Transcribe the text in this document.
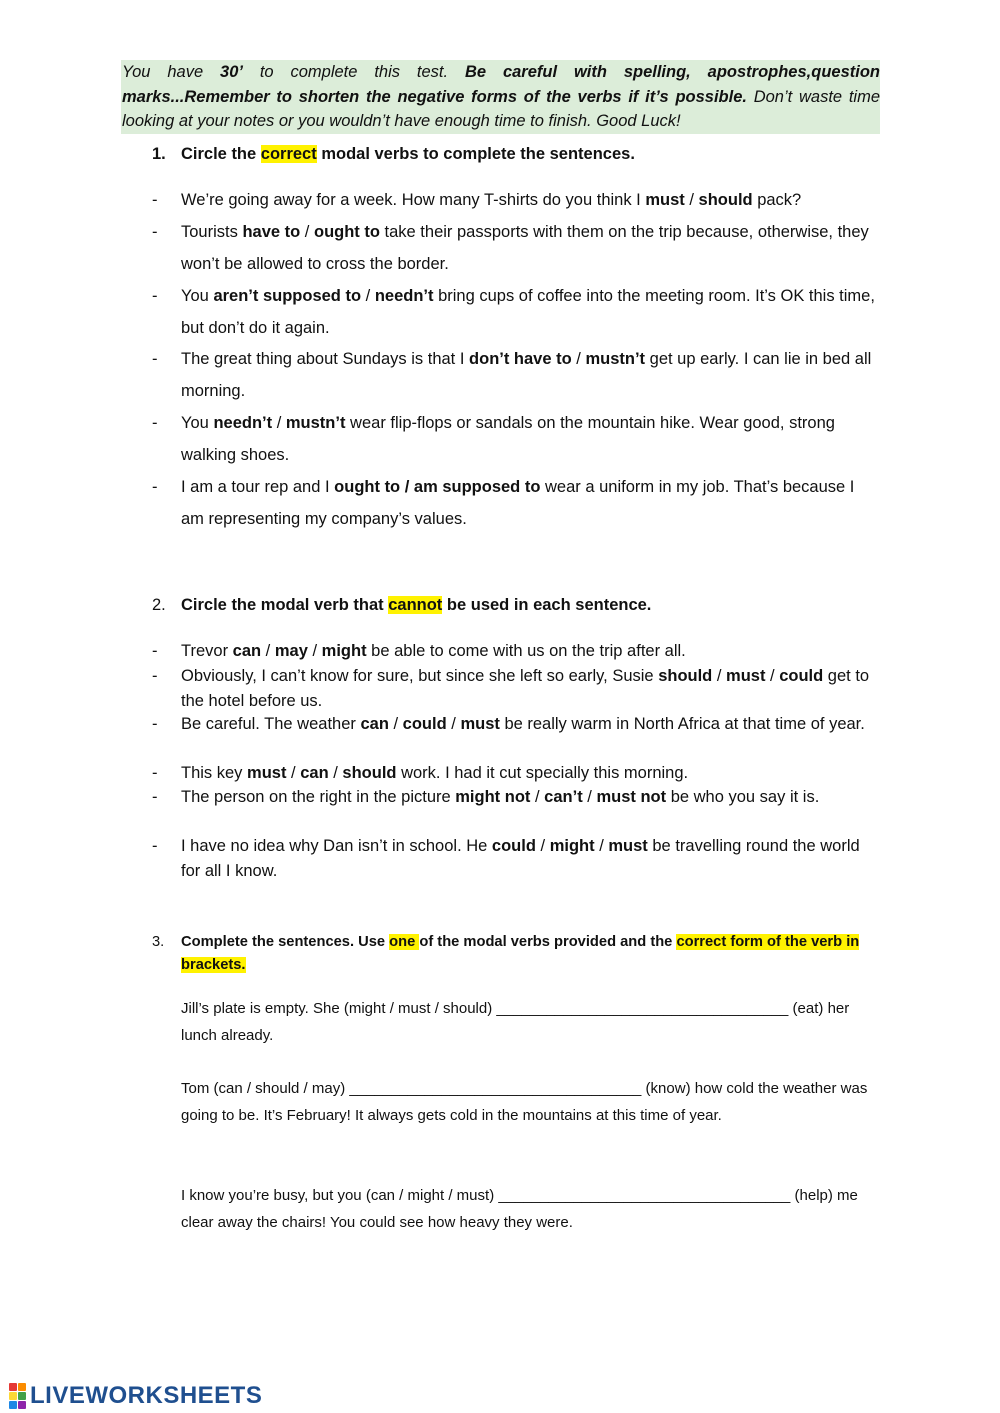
You have 30’ to complete this test. Be careful with spelling, apostrophes,question marks...Remember to shorten the negative forms of the verbs if it’s possible. Don’t waste time looking at your notes or you wouldn’t have enough time to finish. Good Luck!
1. Circle the correct modal verbs to complete the sentences.
- We’re going away for a week. How many T-shirts do you think I must / should pack?
- Tourists have to / ought to take their passports with them on the trip because, otherwise, they won’t be allowed to cross the border.
- You aren’t supposed to / needn’t bring cups of coffee into the meeting room. It’s OK this time, but don’t do it again.
- The great thing about Sundays is that I don’t have to / mustn’t get up early. I can lie in bed all morning.
- You needn’t / mustn’t wear flip-flops or sandals on the mountain hike. Wear good, strong walking shoes.
- I am a tour rep and I ought to / am supposed to wear a uniform in my job. That’s because I am representing my company’s values.
2. Circle the modal verb that cannot be used in each sentence.
- Trevor can / may / might be able to come with us on the trip after all.
- Obviously, I can’t know for sure, but since she left so early, Susie should / must / could get to the hotel before us.
- Be careful. The weather can / could / must be really warm in North Africa at that time of year.
- This key must / can / should work. I had it cut specially this morning.
- The person on the right in the picture might not / can’t / must not be who you say it is.
- I have no idea why Dan isn’t in school. He could / might / must be travelling round the world for all I know.
3. Complete the sentences. Use one of the modal verbs provided and the correct form of the verb in brackets.
Jill’s plate is empty. She (might / must / should) ___________________________________ (eat) her lunch already.
Tom (can / should / may) ___________________________________ (know) how cold the weather was going to be. It’s February! It always gets cold in the mountains at this time of year.
I know you’re busy, but you (can / might / must) ___________________________________ (help) me clear away the chairs! You could see how heavy they were.
LIVEWORKSHEETS
